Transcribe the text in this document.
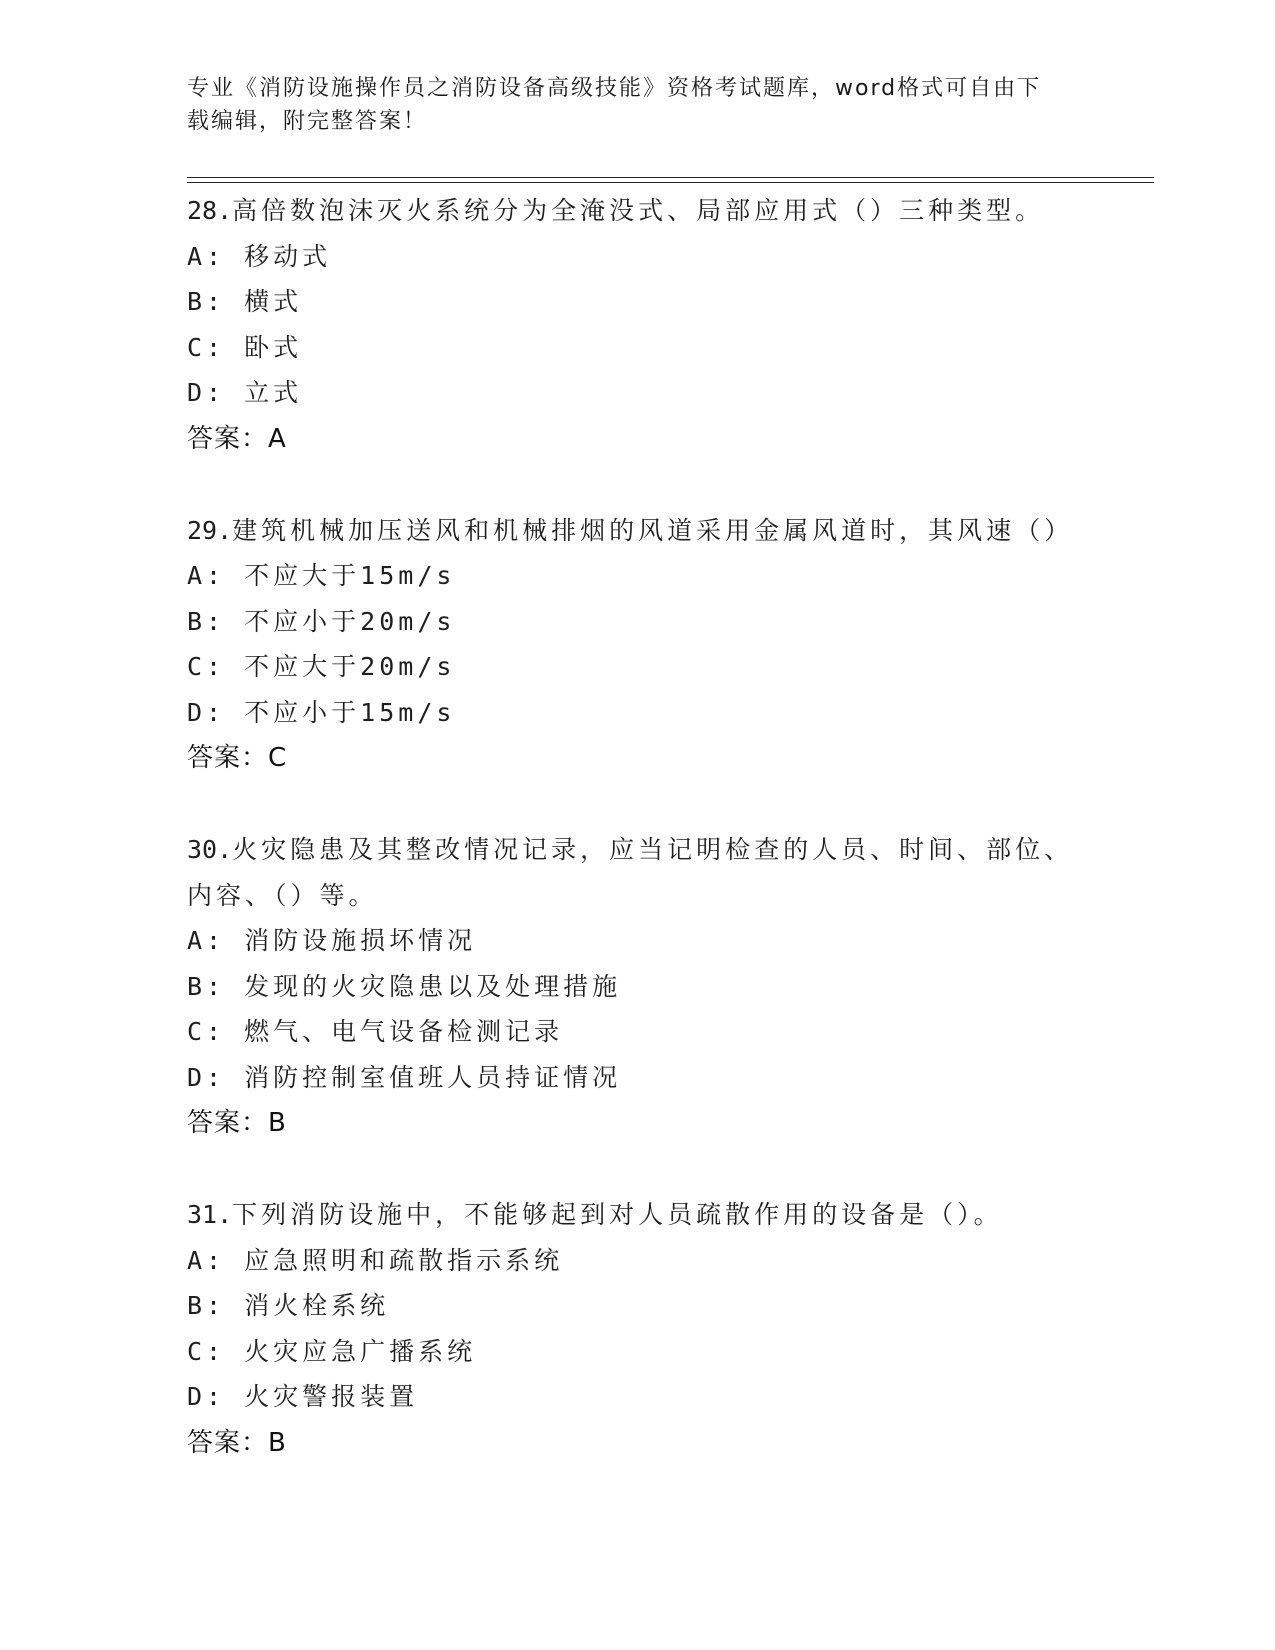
专业《消防设施操作员之消防设备高级技能》资格考试题库，word格式可自由下
载编辑，附完整答案！
28.高倍数泡沫灭火系统分为全淹没式、局部应用式（）三种类型。
A: 移动式
B: 横式
C: 卧式
D: 立式
答案：A
29.建筑机械加压送风和机械排烟的风道采用金属风道时，其风速（）
A: 不应大于15m/s
B: 不应小于20m/s
C: 不应大于20m/s
D: 不应小于15m/s
答案：C
30.火灾隐患及其整改情况记录，应当记明检查的人员、时间、部位、
内容、（）等。
A: 消防设施损坏情况
B: 发现的火灾隐患以及处理措施
C: 燃气、电气设备检测记录
D: 消防控制室值班人员持证情况
答案：B
31.下列消防设施中，不能够起到对人员疏散作用的设备是（）。
A: 应急照明和疏散指示系统
B: 消火栓系统
C: 火灾应急广播系统
D: 火灾警报装置
答案：B
